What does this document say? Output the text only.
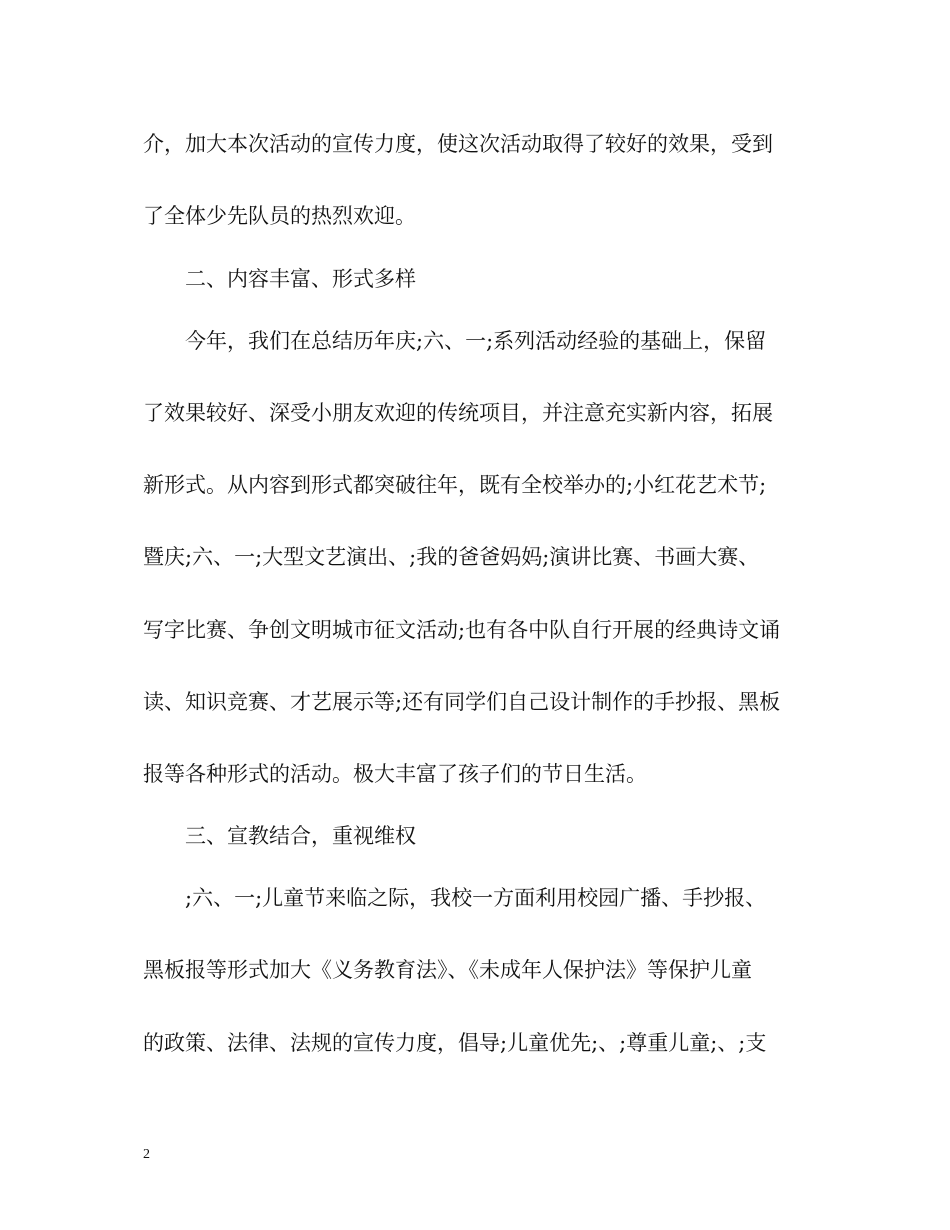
介，加大本次活动的宣传力度，使这次活动取得了较好的效果，受到
了全体少先队员的热烈欢迎。
二、内容丰富、形式多样
今年，我们在总结历年庆;六、一;系列活动经验的基础上，保留
了效果较好、深受小朋友欢迎的传统项目，并注意充实新内容，拓展
新形式。从内容到形式都突破往年，既有全校举办的;小红花艺术节;
暨庆;六、一;大型文艺演出、;我的爸爸妈妈;演讲比赛、书画大赛、
写字比赛、争创文明城市征文活动;也有各中队自行开展的经典诗文诵
读、知识竞赛、才艺展示等;还有同学们自己设计制作的手抄报、黑板
报等各种形式的活动。极大丰富了孩子们的节日生活。
三、宣教结合，重视维权
;六、一;儿童节来临之际，我校一方面利用校园广播、手抄报、
黑板报等形式加大《义务教育法》、《未成年人保护法》等保护儿童
的政策、法律、法规的宣传力度，倡导;儿童优先;、;尊重儿童;、;支
2
